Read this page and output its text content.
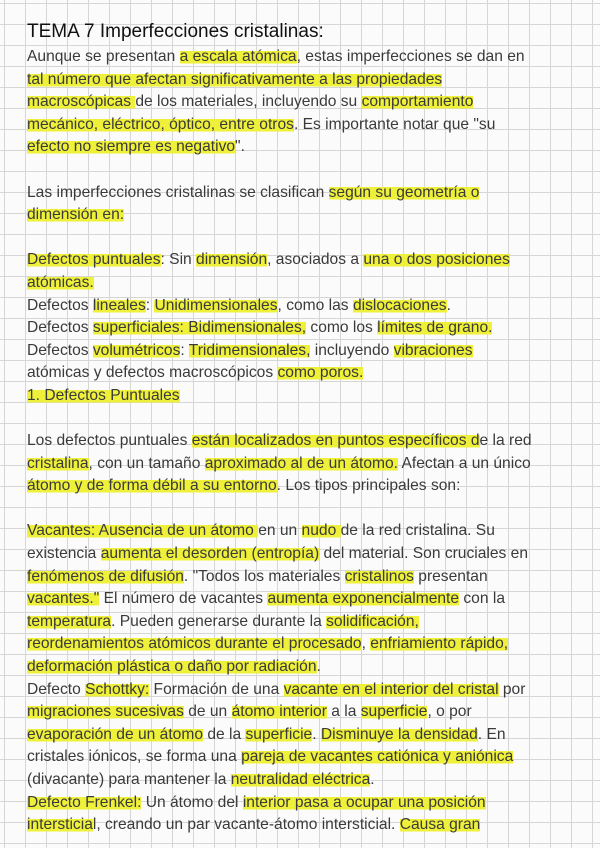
TEMA 7 Imperfecciones cristalinas:
Aunque se presentan a escala atómica, estas imperfecciones se dan en
tal número que afectan significativamente a las propiedades
macroscópicas de los materiales, incluyendo su comportamiento
mecánico, eléctrico, óptico, entre otros. Es importante notar que "su
efecto no siempre es negativo".
Las imperfecciones cristalinas se clasifican según su geometría o
dimensión en:
Defectos puntuales: Sin dimensión, asociados a una o dos posiciones
atómicas.
Defectos lineales: Unidimensionales, como las dislocaciones.
Defectos superficiales: Bidimensionales, como los límites de grano.
Defectos volumétricos: Tridimensionales, incluyendo vibraciones
atómicas y defectos macroscópicos como poros.
1. Defectos Puntuales
Los defectos puntuales están localizados en puntos específicos de la red
cristalina, con un tamaño aproximado al de un átomo. Afectan a un único
átomo y de forma débil a su entorno. Los tipos principales son:
Vacantes: Ausencia de un átomo en un nudo de la red cristalina. Su
existencia aumenta el desorden (entropía) del material. Son cruciales en
fenómenos de difusión. "Todos los materiales cristalinos presentan
vacantes." El número de vacantes aumenta exponencialmente con la
temperatura. Pueden generarse durante la solidificación,
reordenamientos atómicos durante el procesado, enfriamiento rápido,
deformación plástica o daño por radiación.
Defecto Schottky: Formación de una vacante en el interior del cristal por
migraciones sucesivas de un átomo interior a la superficie, o por
evaporación de un átomo de la superficie. Disminuye la densidad. En
cristales iónicos, se forma una pareja de vacantes catiónica y aniónica
(divacante) para mantener la neutralidad eléctrica.
Defecto Frenkel: Un átomo del interior pasa a ocupar una posición
intersticial, creando un par vacante-átomo intersticial. Causa gran
